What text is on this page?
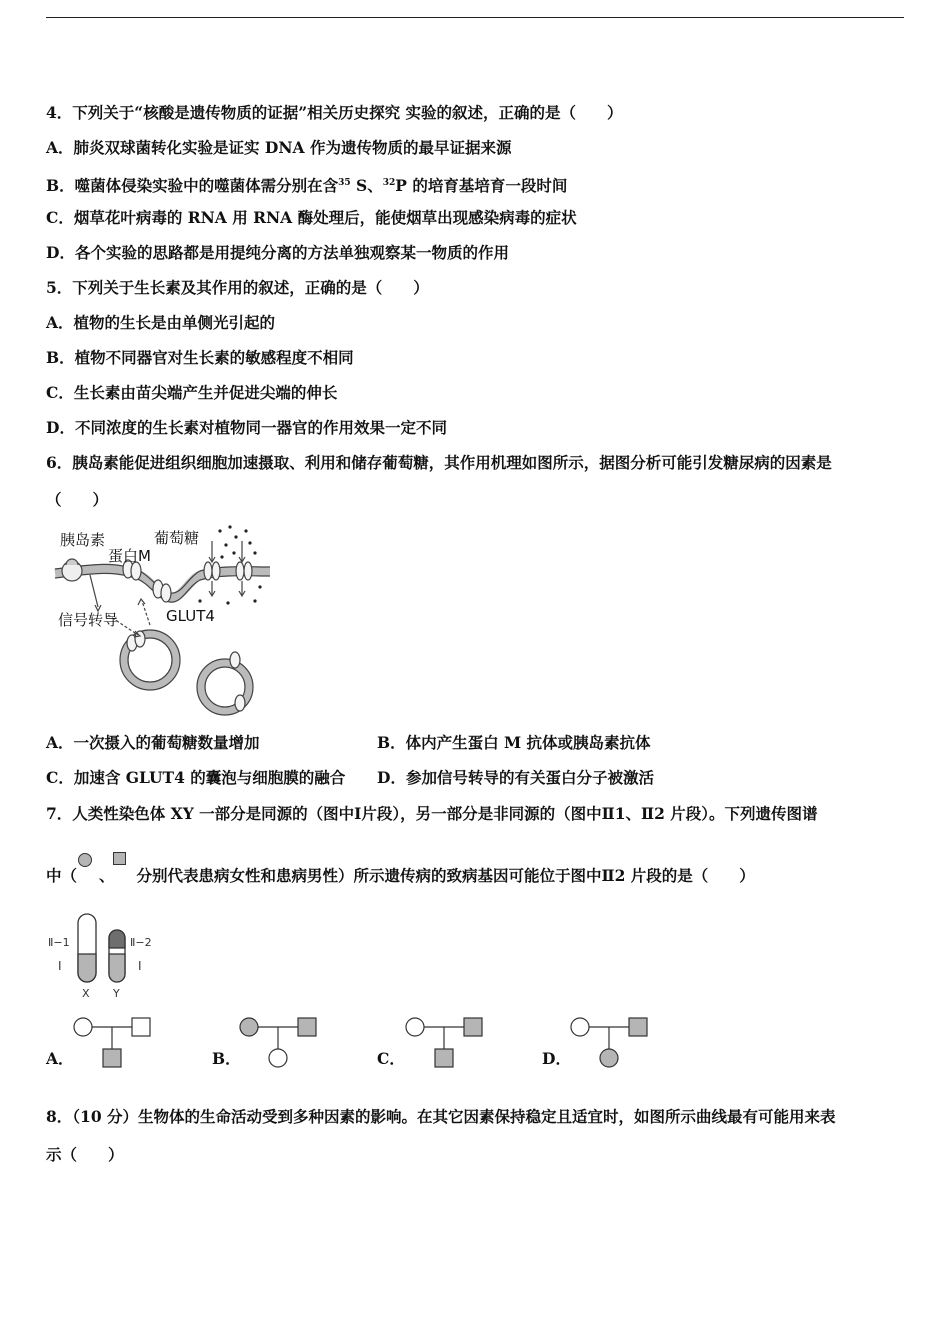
4．下列关于“核酸是遗传物质的证据”相关历史探究 实验的叙述，正确的是（　　）
A．肺炎双球菌转化实验是证实 DNA 作为遗传物质的最早证据来源
B．噬菌体侵染实验中的噬菌体需分别在含$^{35}$ S、$^{32}$P 的培育基培育一段时间
C．烟草花叶病毒的 RNA 用 RNA 酶处理后，能使烟草出现感染病毒的症状
D．各个实验的思路都是用提纯分离的方法单独观察某一物质的作用
5．下列关于生长素及其作用的叙述，正确的是（　　）
A．植物的生长是由单侧光引起的
B．植物不同器官对生长素的敏感程度不相同
C．生长素由苗尖端产生并促进尖端的伸长
D．不同浓度的生长素对植物同一器官的作用效果一定不同
6．胰岛素能促进组织细胞加速摄取、利用和储存葡萄糖，其作用机理如图所示，据图分析可能引发糖尿病的因素是
（　　）
胰岛素	葡萄糖
蛋白M
信号转导	GLUT4
A．一次摄入的葡萄糖数量增加	B．体内产生蛋白 M 抗体或胰岛素抗体
C．加速含 GLUT4 的囊泡与细胞膜的融合 D．参加信号转导的有关蛋白分子被激活
7．人类性染色体 XY 一部分是同源的（图中Ⅰ片段），另一部分是非同源的（图中Ⅱ1、Ⅱ2 片段）。下列遗传图谱
中（ 、 分别代表患病女性和患病男性）所示遗传病的致病基因可能位于图中Ⅱ2 片段的是（　　）
Ⅱ−1
Ⅰ
Ⅱ−2
Ⅰ
X Y
A．	B．	C．	D．
8．（10 分）生物体的生命活动受到多种因素的影响。在其它因素保持稳定且适宜时，如图所示曲线最有可能用来表
示（　　）
